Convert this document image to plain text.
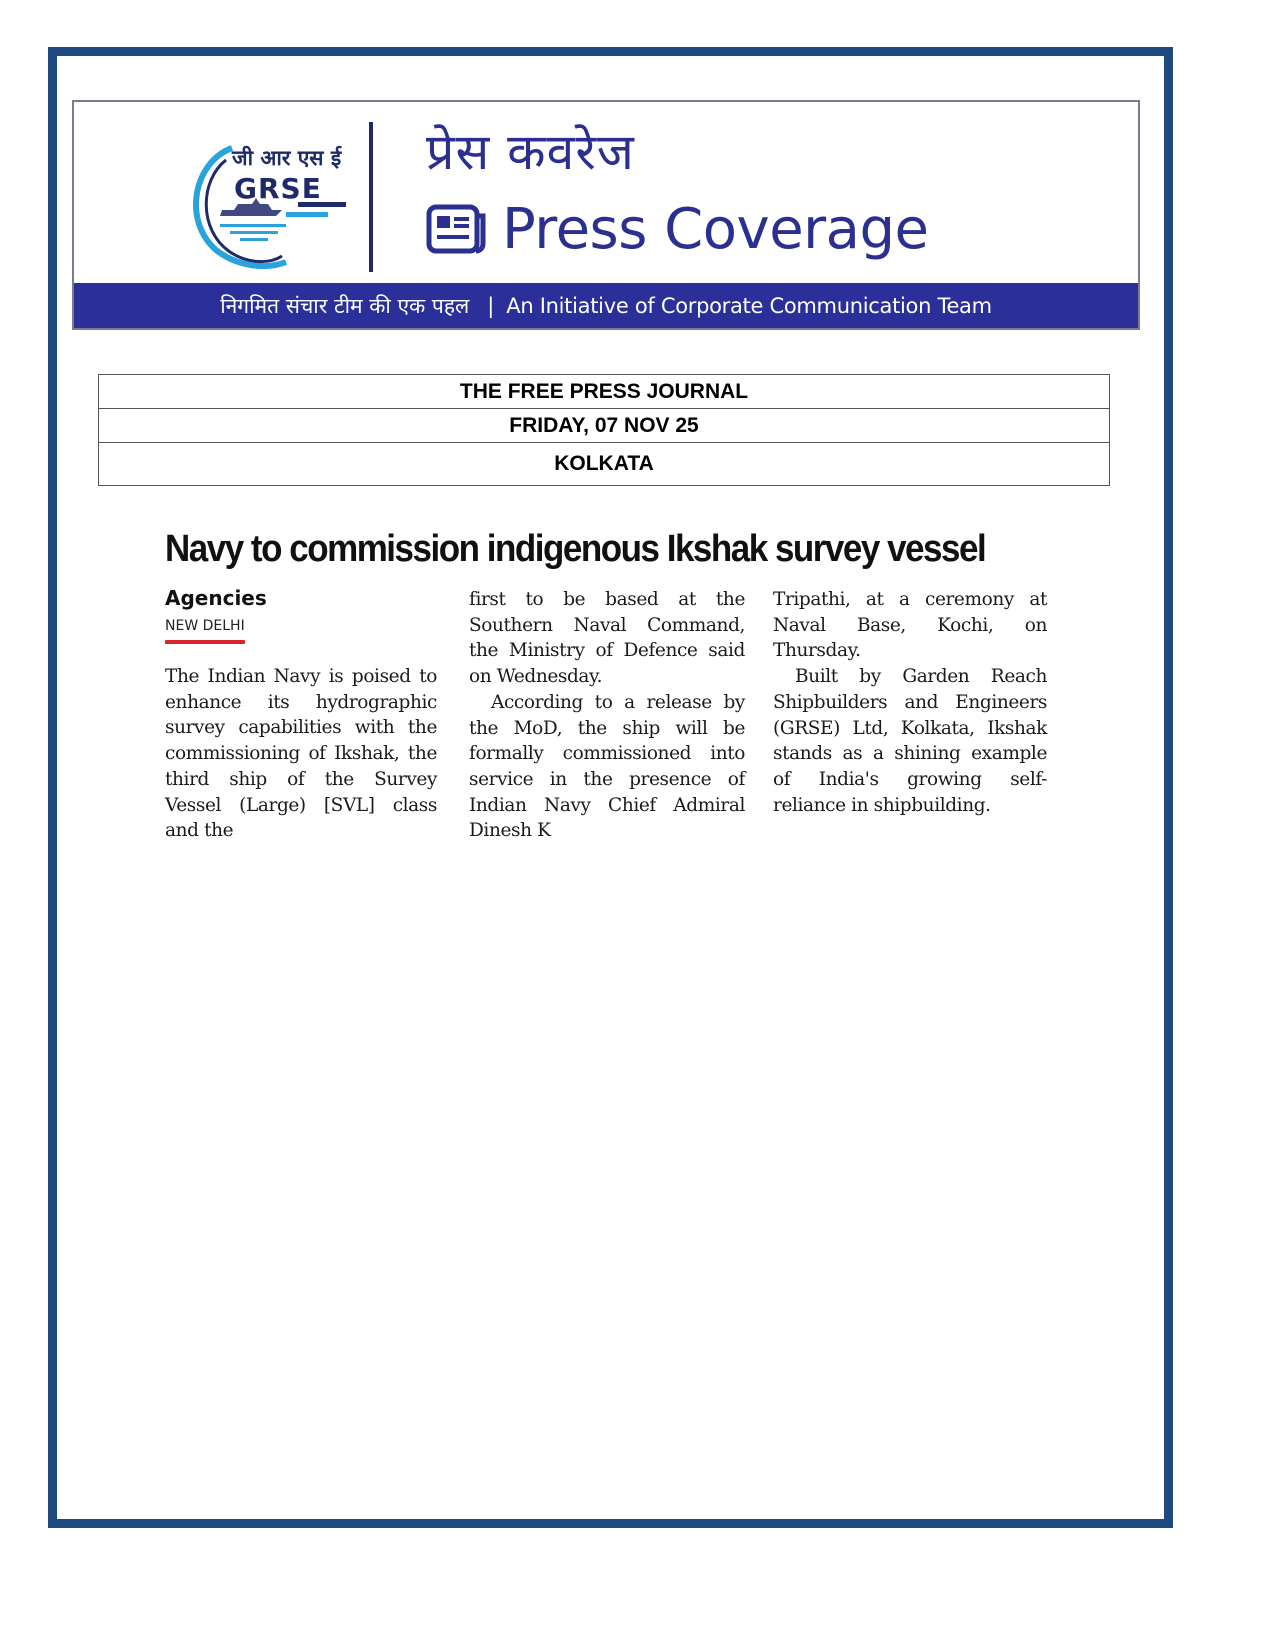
जी आर एस ई
GRSE
प्रेस कवरेज
Press Coverage
निगमित संचार टीम की एक पहल | An Initiative of Corporate Communication Team
THE FREE PRESS JOURNAL
FRIDAY, 07 NOV 25
KOLKATA
Navy to commission indigenous Ikshak survey vessel
Agencies
NEW DELHI

The Indian Navy is poised to enhance its hydrographic survey capabilities with the commissioning of Ikshak, the third ship of the Survey Vessel (Large) [SVL] class and the

first to be based at the Southern Naval Command, the Ministry of Defence said on Wednesday.

According to a release by the MoD, the ship will be formally commissioned into service in the presence of Indian Navy Chief Admiral Dinesh K

Tripathi, at a ceremony at Naval Base, Kochi, on Thursday.

Built by Garden Reach Shipbuilders and Engineers (GRSE) Ltd, Kolkata, Ikshak stands as a shining example of India's growing self-reliance in shipbuilding.
